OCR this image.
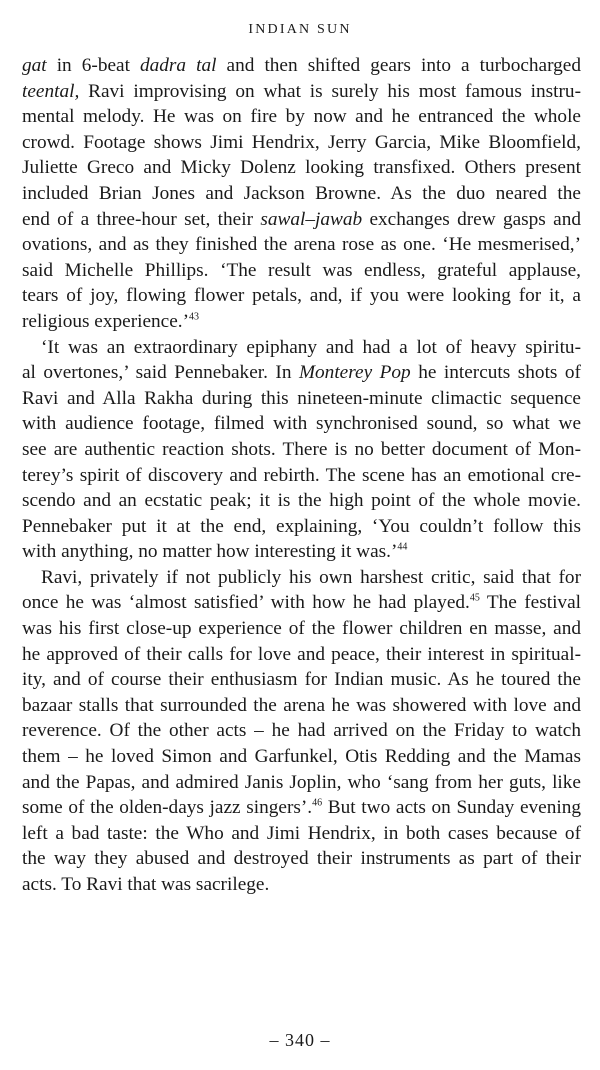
INDIAN SUN
gat in 6-beat dadra tal and then shifted gears into a turbocharged
teental, Ravi improvising on what is surely his most famous instru-
mental melody. He was on fire by now and he entranced the whole
crowd. Footage shows Jimi Hendrix, Jerry Garcia, Mike Bloomfield,
Juliette Greco and Micky Dolenz looking transfixed. Others present
included Brian Jones and Jackson Browne. As the duo neared the
end of a three-hour set, their sawal–jawab exchanges drew gasps and
ovations, and as they finished the arena rose as one. ‘He mesmerised,’
said Michelle Phillips. ‘The result was endless, grateful applause,
tears of joy, flowing flower petals, and, if you were looking for it, a
religious experience.’$^{43}$
‘It was an extraordinary epiphany and had a lot of heavy spiritu-
al overtones,’ said Pennebaker. In Monterey Pop he intercuts shots of
Ravi and Alla Rakha during this nineteen-minute climactic sequence
with audience footage, filmed with synchronised sound, so what we
see are authentic reaction shots. There is no better document of Mon-
terey’s spirit of discovery and rebirth. The scene has an emotional cre-
scendo and an ecstatic peak; it is the high point of the whole movie.
Pennebaker put it at the end, explaining, ‘You couldn’t follow this
with anything, no matter how interesting it was.’$^{44}$
Ravi, privately if not publicly his own harshest critic, said that for
once he was ‘almost satisfied’ with how he had played.$^{45}$ The festival
was his first close-up experience of the flower children en masse, and
he approved of their calls for love and peace, their interest in spiritual-
ity, and of course their enthusiasm for Indian music. As he toured the
bazaar stalls that surrounded the arena he was showered with love and
reverence. Of the other acts – he had arrived on the Friday to watch
them – he loved Simon and Garfunkel, Otis Redding and the Mamas
and the Papas, and admired Janis Joplin, who ‘sang from her guts, like
some of the olden-days jazz singers’.$^{46}$ But two acts on Sunday evening
left a bad taste: the Who and Jimi Hendrix, in both cases because of
the way they abused and destroyed their instruments as part of their
acts. To Ravi that was sacrilege.
– 340 –
